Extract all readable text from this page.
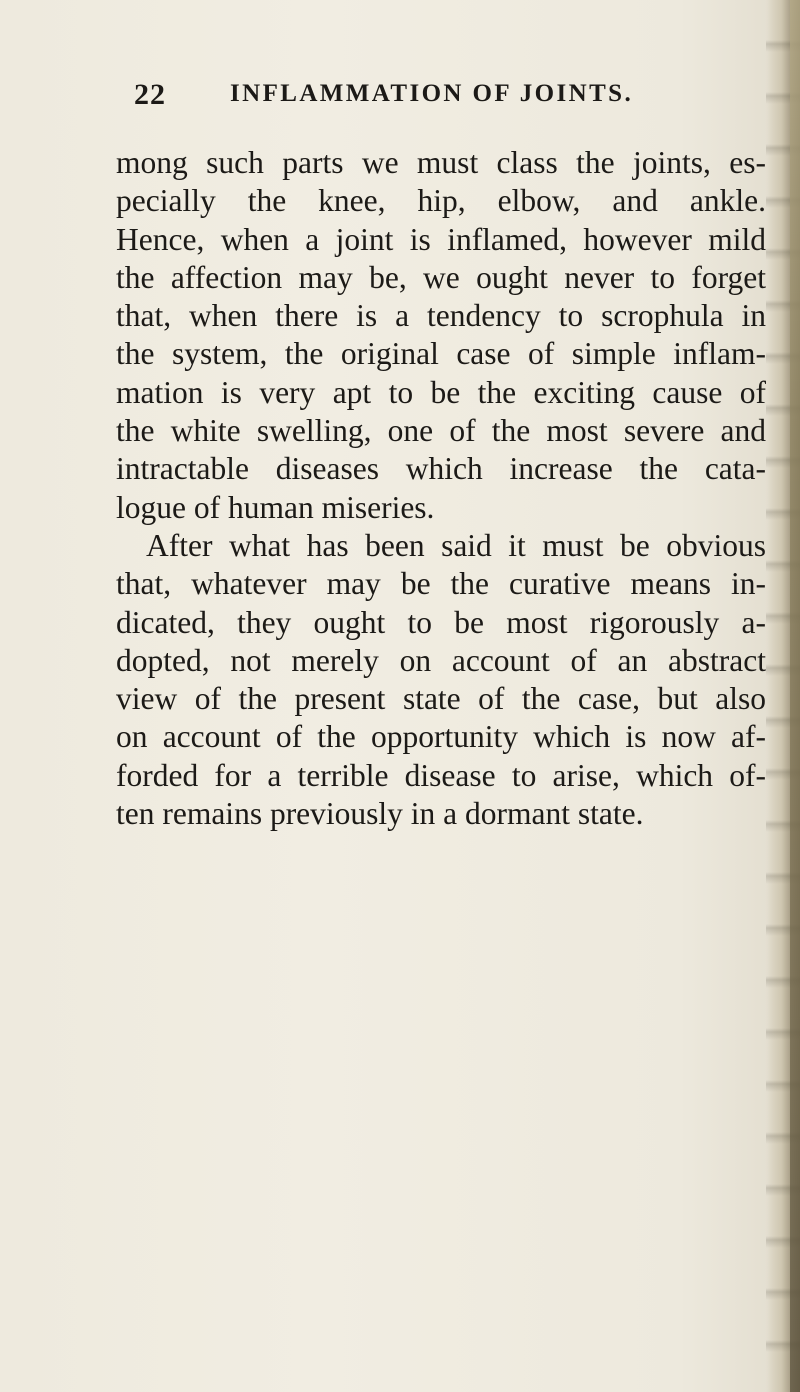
22	INFLAMMATION OF JOINTS.
mong such parts we must class the joints, es-
pecially the knee, hip, elbow, and ankle.
Hence, when a joint is inflamed, however mild
the affection may be, we ought never to forget
that, when there is a tendency to scrophula in
the system, the original case of simple inflam-
mation is very apt to be the exciting cause of
the white swelling, one of the most severe and
intractable diseases which increase the cata-
logue of human miseries.
After what has been said it must be obvious
that, whatever may be the curative means in-
dicated, they ought to be most rigorously a-
dopted, not merely on account of an abstract
view of the present state of the case, but also
on account of the opportunity which is now af-
forded for a terrible disease to arise, which of-
ten remains previously in a dormant state.
